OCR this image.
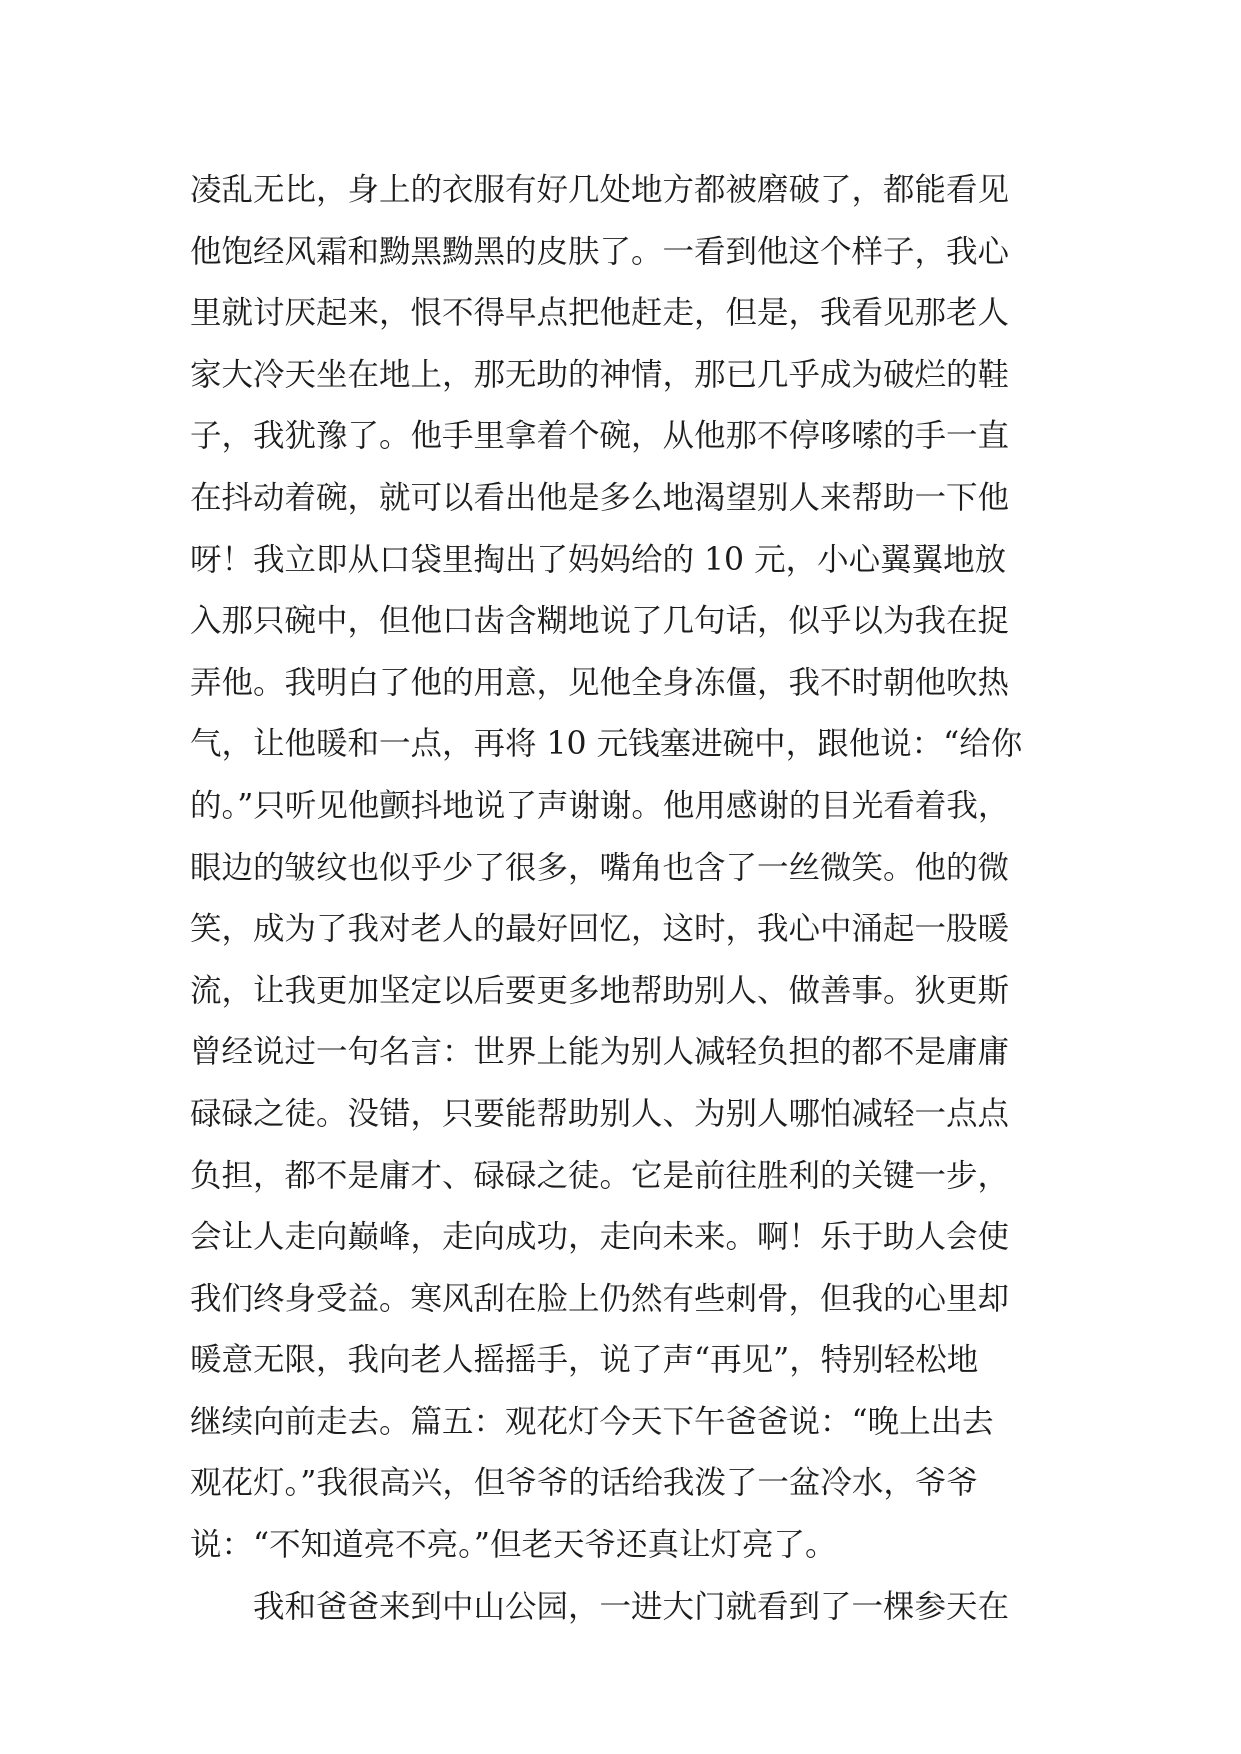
凌乱无比，身上的衣服有好几处地方都被磨破了，都能看见
他饱经风霜和黝黑黝黑的皮肤了。一看到他这个样子，我心
里就讨厌起来，恨不得早点把他赶走，但是，我看见那老人
家大冷天坐在地上，那无助的神情，那已几乎成为破烂的鞋
子，我犹豫了。他手里拿着个碗，从他那不停哆嗦的手一直
在抖动着碗，就可以看出他是多么地渴望别人来帮助一下他
呀！我立即从口袋里掏出了妈妈给的 10 元，小心翼翼地放
入那只碗中，但他口齿含糊地说了几句话，似乎以为我在捉
弄他。我明白了他的用意，见他全身冻僵，我不时朝他吹热
气，让他暖和一点，再将 10 元钱塞进碗中，跟他说：“给你
的。”只听见他颤抖地说了声谢谢。他用感谢的目光看着我，
眼边的皱纹也似乎少了很多，嘴角也含了一丝微笑。他的微
笑，成为了我对老人的最好回忆，这时，我心中涌起一股暖
流，让我更加坚定以后要更多地帮助别人、做善事。狄更斯
曾经说过一句名言：世界上能为别人减轻负担的都不是庸庸
碌碌之徒。没错，只要能帮助别人、为别人哪怕减轻一点点
负担，都不是庸才、碌碌之徒。它是前往胜利的关键一步，
会让人走向巅峰，走向成功，走向未来。啊！乐于助人会使
我们终身受益。寒风刮在脸上仍然有些刺骨，但我的心里却
暖意无限，我向老人摇摇手，说了声“再见”，特别轻松地
继续向前走去。篇五：观花灯今天下午爸爸说：“晚上出去
观花灯。”我很高兴，但爷爷的话给我泼了一盆冷水，爷爷
说：“不知道亮不亮。”但老天爷还真让灯亮了。
我和爸爸来到中山公园，一进大门就看到了一棵参天在
